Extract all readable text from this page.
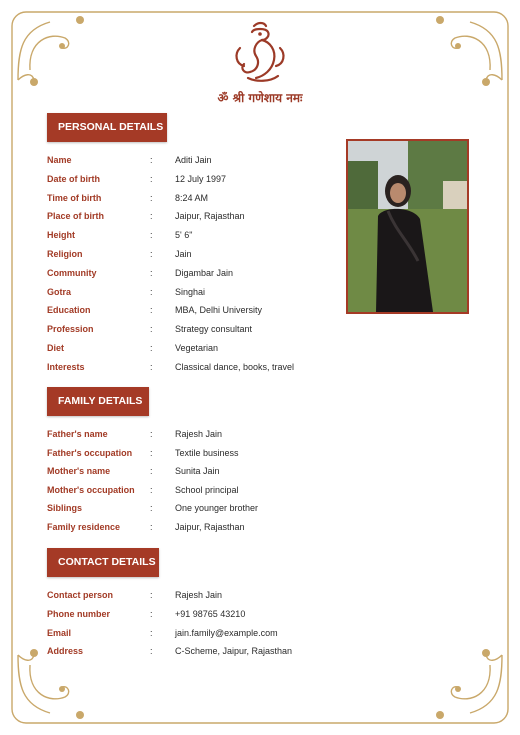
ॐ श्री गणेशाय नमः
PERSONAL DETAILS
Name	: Aditi Jain
Date of birth	: 12 July 1997
Time of birth	: 8:24 AM
Place of birth	: Jaipur, Rajasthan
Height	: 5' 6"
Religion	: Jain
Community	: Digambar Jain
Gotra	: Singhai
Education	: MBA, Delhi University
Profession	: Strategy consultant
Diet	: Vegetarian
Interests	: Classical dance, books, travel
FAMILY DETAILS
Father's name	: Rajesh Jain
Father's occupation : Textile business
Mother's name	: Sunita Jain
Mother's occupation : School principal
Siblings	: One younger brother
Family residence	: Jaipur, Rajasthan
CONTACT DETAILS
Contact person	: Rajesh Jain
Phone number	: +91 98765 43210
Email	: jain.family@example.com
Address	: C-Scheme, Jaipur, Rajasthan
